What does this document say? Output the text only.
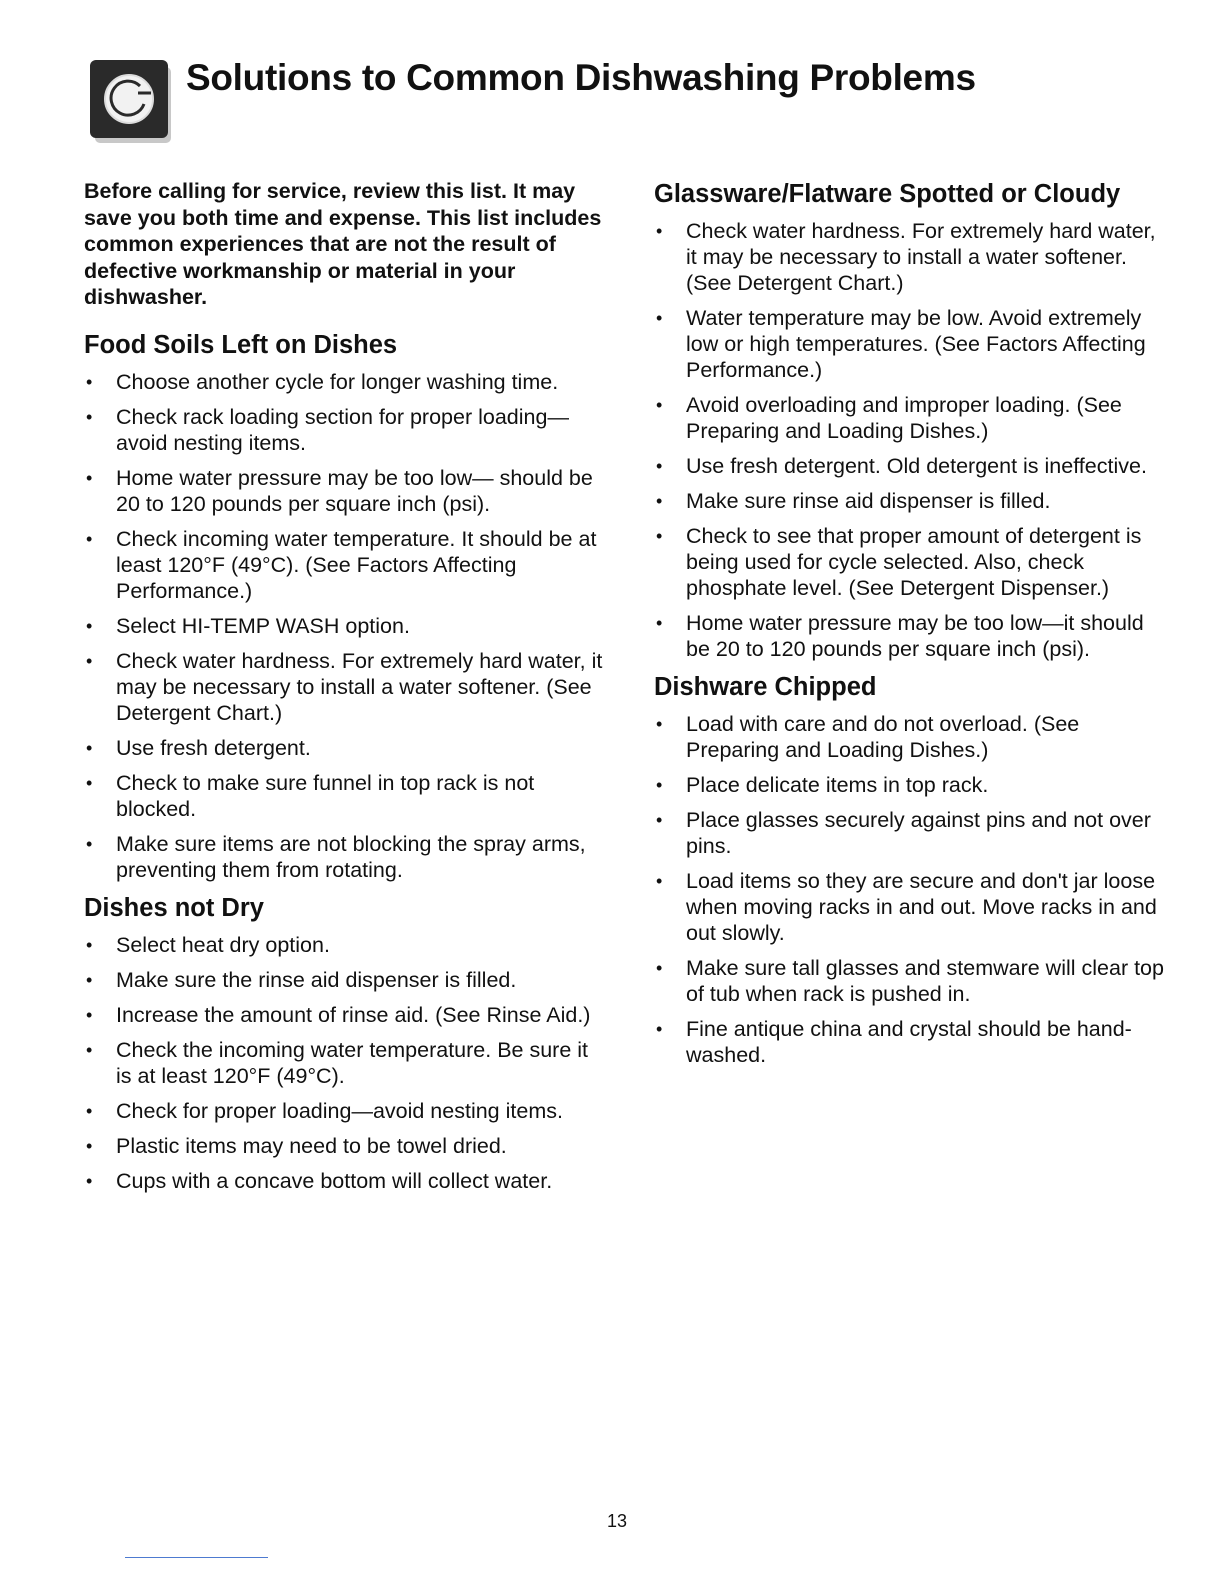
Solutions to Common Dishwashing Problems

Before calling for service, review this list. It may save you both time and expense. This list includes common experiences that are not the result of defective workmanship or material in your dishwasher.

Food Soils Left on Dishes
• Choose another cycle for longer washing time.
• Check rack loading section for proper loading—avoid nesting items.
• Home water pressure may be too low— should be 20 to 120 pounds per square inch (psi).
• Check incoming water temperature. It should be at least 120°F (49°C). (See Factors Affecting Performance.)
• Select HI-TEMP WASH option.
• Check water hardness. For extremely hard water, it may be necessary to install a water softener. (See Detergent Chart.)
• Use fresh detergent.
• Check to make sure funnel in top rack is not blocked.
• Make sure items are not blocking the spray arms, preventing them from rotating.
Dishes not Dry
• Select heat dry option.
• Make sure the rinse aid dispenser is filled.
• Increase the amount of rinse aid. (See Rinse Aid.)
• Check the incoming water temperature. Be sure it is at least 120°F (49°C).
• Check for proper loading—avoid nesting items.
• Plastic items may need to be towel dried.
• Cups with a concave bottom will collect water.
Glassware/Flatware Spotted or Cloudy
• Check water hardness. For extremely hard water, it may be necessary to install a water softener. (See Detergent Chart.)
• Water temperature may be low. Avoid extremely low or high temperatures. (See Factors Affecting Performance.)
• Avoid overloading and improper loading. (See Preparing and Loading Dishes.)
• Use fresh detergent. Old detergent is ineffective.
• Make sure rinse aid dispenser is filled.
• Check to see that proper amount of detergent is being used for cycle selected. Also, check phosphate level. (See Detergent Dispenser.)
• Home water pressure may be too low—it should be 20 to 120 pounds per square inch (psi).
Dishware Chipped
• Load with care and do not overload. (See Preparing and Loading Dishes.)
• Place delicate items in top rack.
• Place glasses securely against pins and not over pins.
• Load items so they are secure and don't jar loose when moving racks in and out. Move racks in and out slowly.
• Make sure tall glasses and stemware will clear top of tub when rack is pushed in.
• Fine antique china and crystal should be hand-washed.
13
